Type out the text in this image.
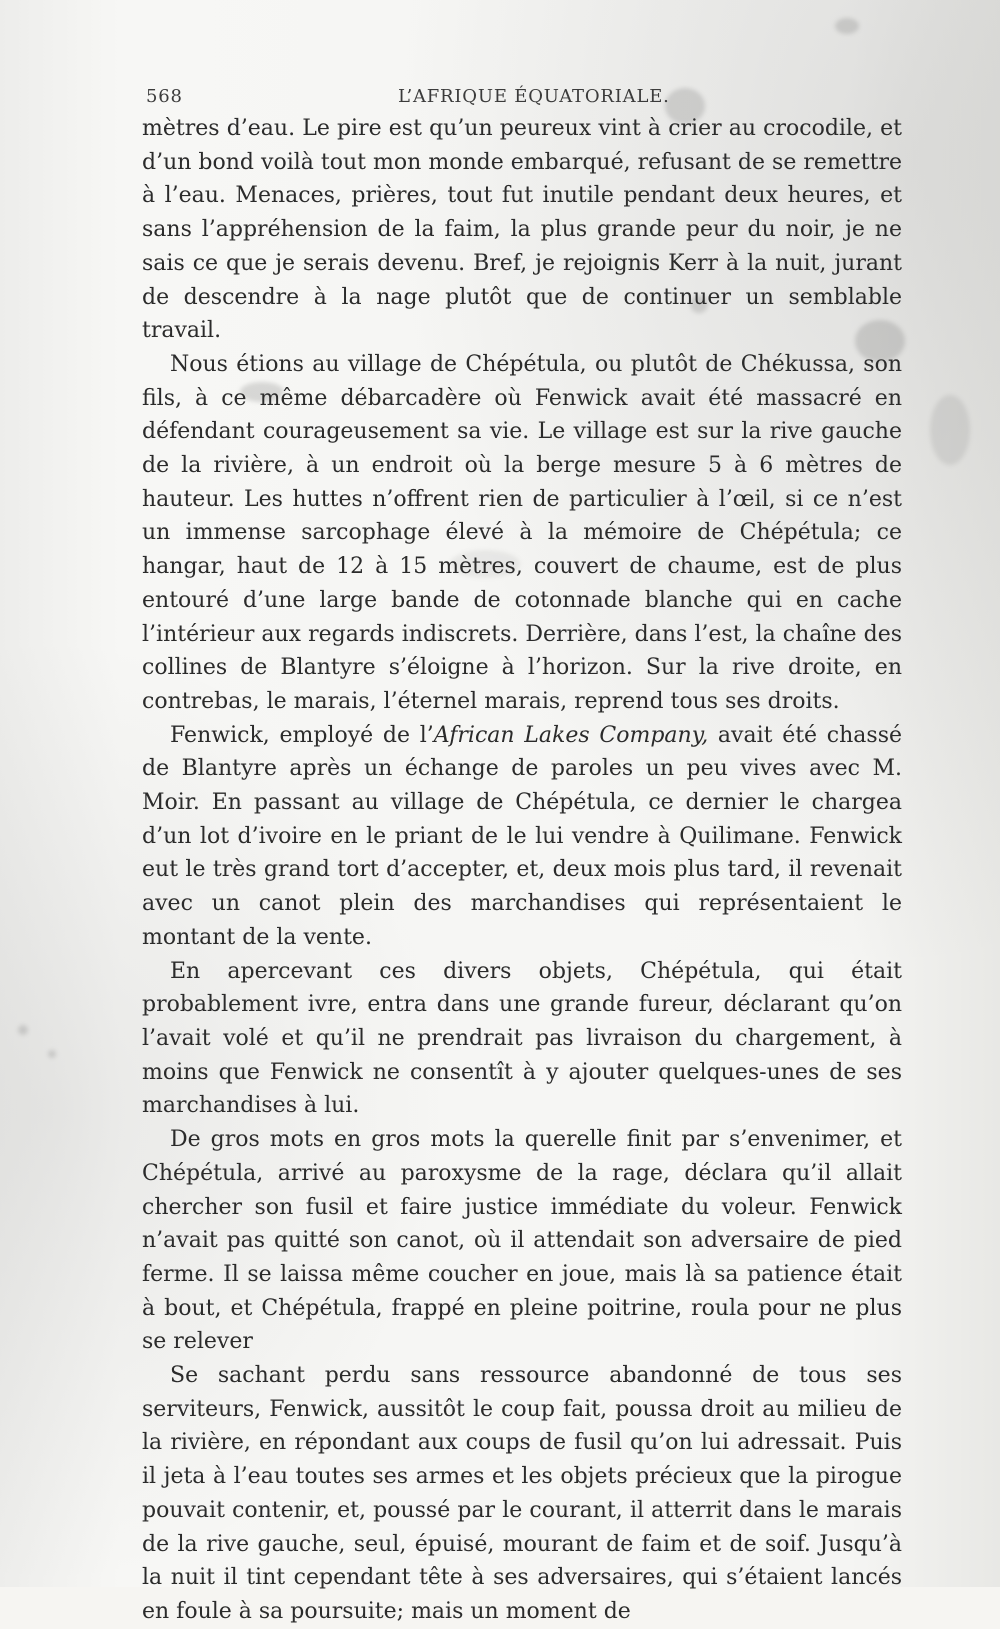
568	L’AFRIQUE ÉQUATORIALE.

mètres d’eau. Le pire est qu’un peureux vint à crier au crocodile, et d’un bond voilà tout mon monde embarqué, refusant de se remettre à l’eau. Menaces, prières, tout fut inutile pendant deux heures, et sans l’appréhension de la faim, la plus grande peur du noir, je ne sais ce que je serais devenu. Bref, je rejoignis Kerr à la nuit, jurant de descendre à la nage plutôt que de continuer un semblable travail.

Nous étions au village de Chépétula, ou plutôt de Chékussa, son fils, à ce même débarcadère où Fenwick avait été massacré en défendant courageusement sa vie. Le village est sur la rive gauche de la rivière, à un endroit où la berge mesure 5 à 6 mètres de hauteur. Les huttes n’offrent rien de particulier à l’œil, si ce n’est un immense sarcophage élevé à la mémoire de Chépétula; ce hangar, haut de 12 à 15 mètres, couvert de chaume, est de plus entouré d’une large bande de cotonnade blanche qui en cache l’intérieur aux regards indiscrets. Derrière, dans l’est, la chaîne des collines de Blantyre s’éloigne à l’horizon. Sur la rive droite, en contrebas, le marais, l’éternel marais, reprend tous ses droits.

Fenwick, employé de l’African Lakes Company, avait été chassé de Blantyre après un échange de paroles un peu vives avec M. Moir. En passant au village de Chépétula, ce dernier le chargea d’un lot d’ivoire en le priant de le lui vendre à Quilimane. Fenwick eut le très grand tort d’accepter, et, deux mois plus tard, il revenait avec un canot plein des marchandises qui représentaient le montant de la vente.

En apercevant ces divers objets, Chépétula, qui était probablement ivre, entra dans une grande fureur, déclarant qu’on l’avait volé et qu’il ne prendrait pas livraison du chargement, à moins que Fenwick ne consentît à y ajouter quelques-unes de ses marchandises à lui.

De gros mots en gros mots la querelle finit par s’envenimer, et Chépétula, arrivé au paroxysme de la rage, déclara qu’il allait chercher son fusil et faire justice immédiate du voleur. Fenwick n’avait pas quitté son canot, où il attendait son adversaire de pied ferme. Il se laissa même coucher en joue, mais là sa patience était à bout, et Chépétula, frappé en pleine poitrine, roula pour ne plus se relever

Se sachant perdu sans ressource abandonné de tous ses serviteurs, Fenwick, aussitôt le coup fait, poussa droit au milieu de la rivière, en répondant aux coups de fusil qu’on lui adressait. Puis il jeta à l’eau toutes ses armes et les objets précieux que la pirogue pouvait contenir, et, poussé par le courant, il atterrit dans le marais de la rive gauche, seul, épuisé, mourant de faim et de soif. Jusqu’à la nuit il tint cependant tête à ses adversaires, qui s’étaient lancés en foule à sa poursuite; mais un moment de
